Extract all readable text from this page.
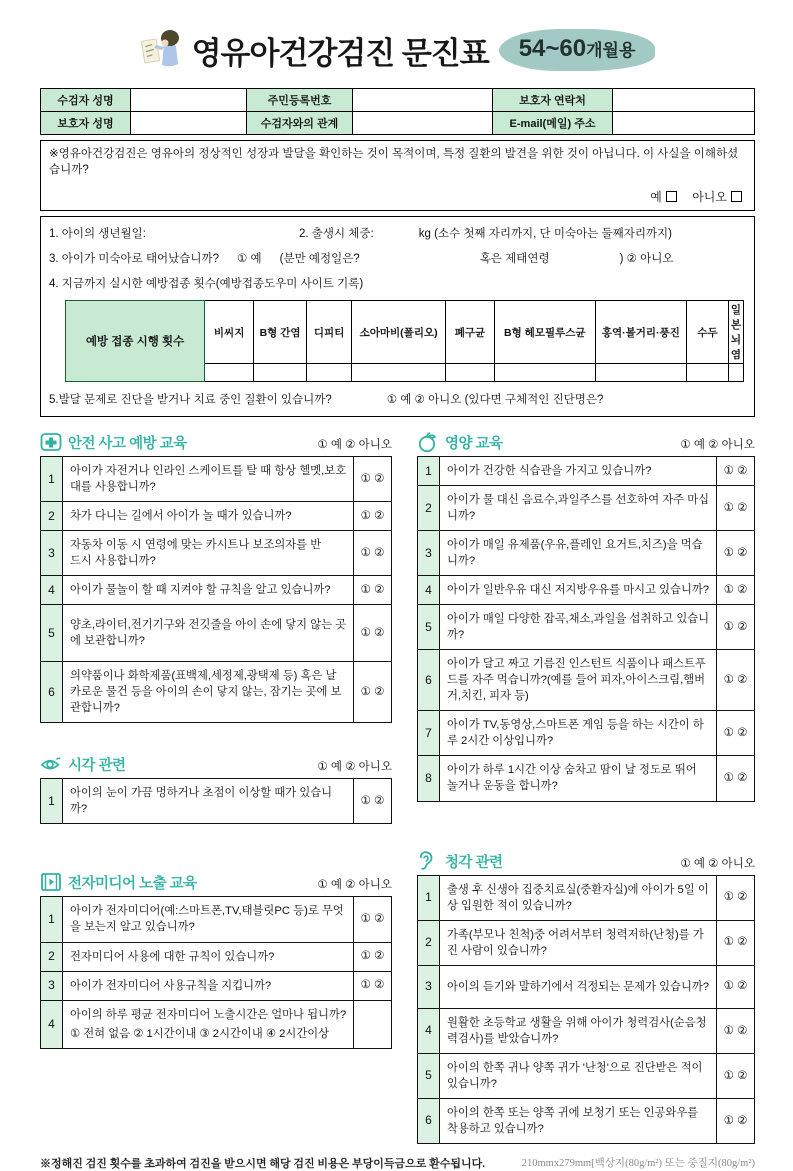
영유아건강검진 문진표	54~60개월용
수검자 성명		주민등록번호		보호자 연락처	
보호자 성명		수검자와의 관계		E-mail(메일) 주소	
※영유아건강검진은 영유아의 정상적인 성장과 발달을 확인하는 것이 목적이며, 특정 질환의 발견을 위한 것이 아닙니다. 이 사실을 이해하셨습니까?
예	아니오
1. 아이의 생년월일:	2. 출생시 체중:	kg (소수 첫째 자리까지, 단 미숙아는 둘째자리까지)
3. 아이가 미숙아로 태어났습니까? ① 예 (분만 예정일은?	혹은 제태연령	) ② 아니오
4. 지금까지 실시한 예방접종 횟수(예방접종도우미 사이트 기록)
예방 접종 시행 횟수	비씨지	B형 간염	디피티	소아마비(폴리오)	폐구균	B형 헤모필루스균	홍역·볼거리·풍진	수두	일본뇌염

5.발달 문제로 진단을 받거나 치료 중인 질환이 있습니까?	① 예 ② 아니오 (있다면 구체적인 진단명은?
안전 사고 예방 교육	① 예 ② 아니오
1	아이가 자전거나 인라인 스케이트를 탈 때 항상 헬멧,보호대를 사용합니까?	① ②
2	차가 다니는 길에서 아이가 놀 때가 있습니까?	① ②
3	자동차 이동 시 연령에 맞는 카시트나 보조의자를 반드시 사용합니까?	① ②
4	아이가 물놀이 할 때 지켜야 할 규칙을 알고 있습니까?	① ②
5	양초,라이터,전기기구와 전깃줄을 아이 손에 닿지 않는 곳에 보관합니까?	① ②
6	의약품이나 화학제품(표백제,세정제,광택제 등) 혹은 날카로운 물건 등을 아이의 손이 닿지 않는, 잠기는 곳에 보관합니까?	① ②
시각 관련	① 예 ② 아니오
1	아이의 눈이 가끔 멍하거나 초점이 이상할 때가 있습니까?	① ②
전자미디어 노출 교육	① 예 ② 아니오
1	아이가 전자미디어(예:스마트폰,TV,태블릿PC 등)로 무엇을 보는지 알고 있습니까?	① ②
2	전자미디어 사용에 대한 규칙이 있습니까?	① ②
3	아이가 전자미디어 사용규칙을 지킵니까?	① ②
4	아이의 하루 평균 전자미디어 노출시간은 얼마나 됩니까?
① 전혀 없음 ② 1시간이내 ③ 2시간이내 ④ 2시간이상	

영양 교육	① 예 ② 아니오
1	아이가 건강한 식습관을 가지고 있습니까?	① ②
2	아이가 물 대신 음료수,과일주스를 선호하여 자주 마십니까?	① ②
3	아이가 매일 유제품(우유,플레인 요거트,치즈)을 먹습니까?	① ②
4	아이가 일반우유 대신 저지방우유를 마시고 있습니까?	① ②
5	아이가 매일 다양한 잡곡,채소,과일을 섭취하고 있습니까?	① ②
6	아이가 달고 짜고 기름진 인스턴트 식품이나 패스트푸드를 자주 먹습니까?(예를 들어 피자,아이스크림,햄버거,치킨, 피자 등)	① ②
7	아이가 TV,동영상,스마트폰 게임 등을 하는 시간이 하루 2시간 이상입니까?	① ②
8	아이가 하루 1시간 이상 숨차고 땀이 날 정도로 뛰어 놀거나 운동을 합니까?	① ②
청각 관련	① 예 ② 아니오
1	출생 후 신생아 집중치료실(중환자실)에 아이가 5일 이상 입원한 적이 있습니까?	① ②
2	가족(부모나 친척)중 어려서부터 청력저하(난청)를 가진 사람이 있습니까?	① ②
3	아이의 듣기와 말하기에서 걱정되는 문제가 있습니까?	① ②
4	원활한 초등학교 생활을 위해 아이가 청력검사(순음청력검사)를 받았습니까?	① ②
5	아이의 한쪽 귀나 양쪽 귀가 '난청'으로 진단받은 적이 있습니까?	① ②
6	아이의 한쪽 또는 양쪽 귀에 보청기 또는 인공와우를 착용하고 있습니까?	① ②
※정해진 검진 횟수를 초과하여 검진을 받으시면 해당 검진 비용은 부당이득금으로 환수됩니다.	210mmx279mm[백상지(80g/m²) 또는 중질지(80g/m²)
